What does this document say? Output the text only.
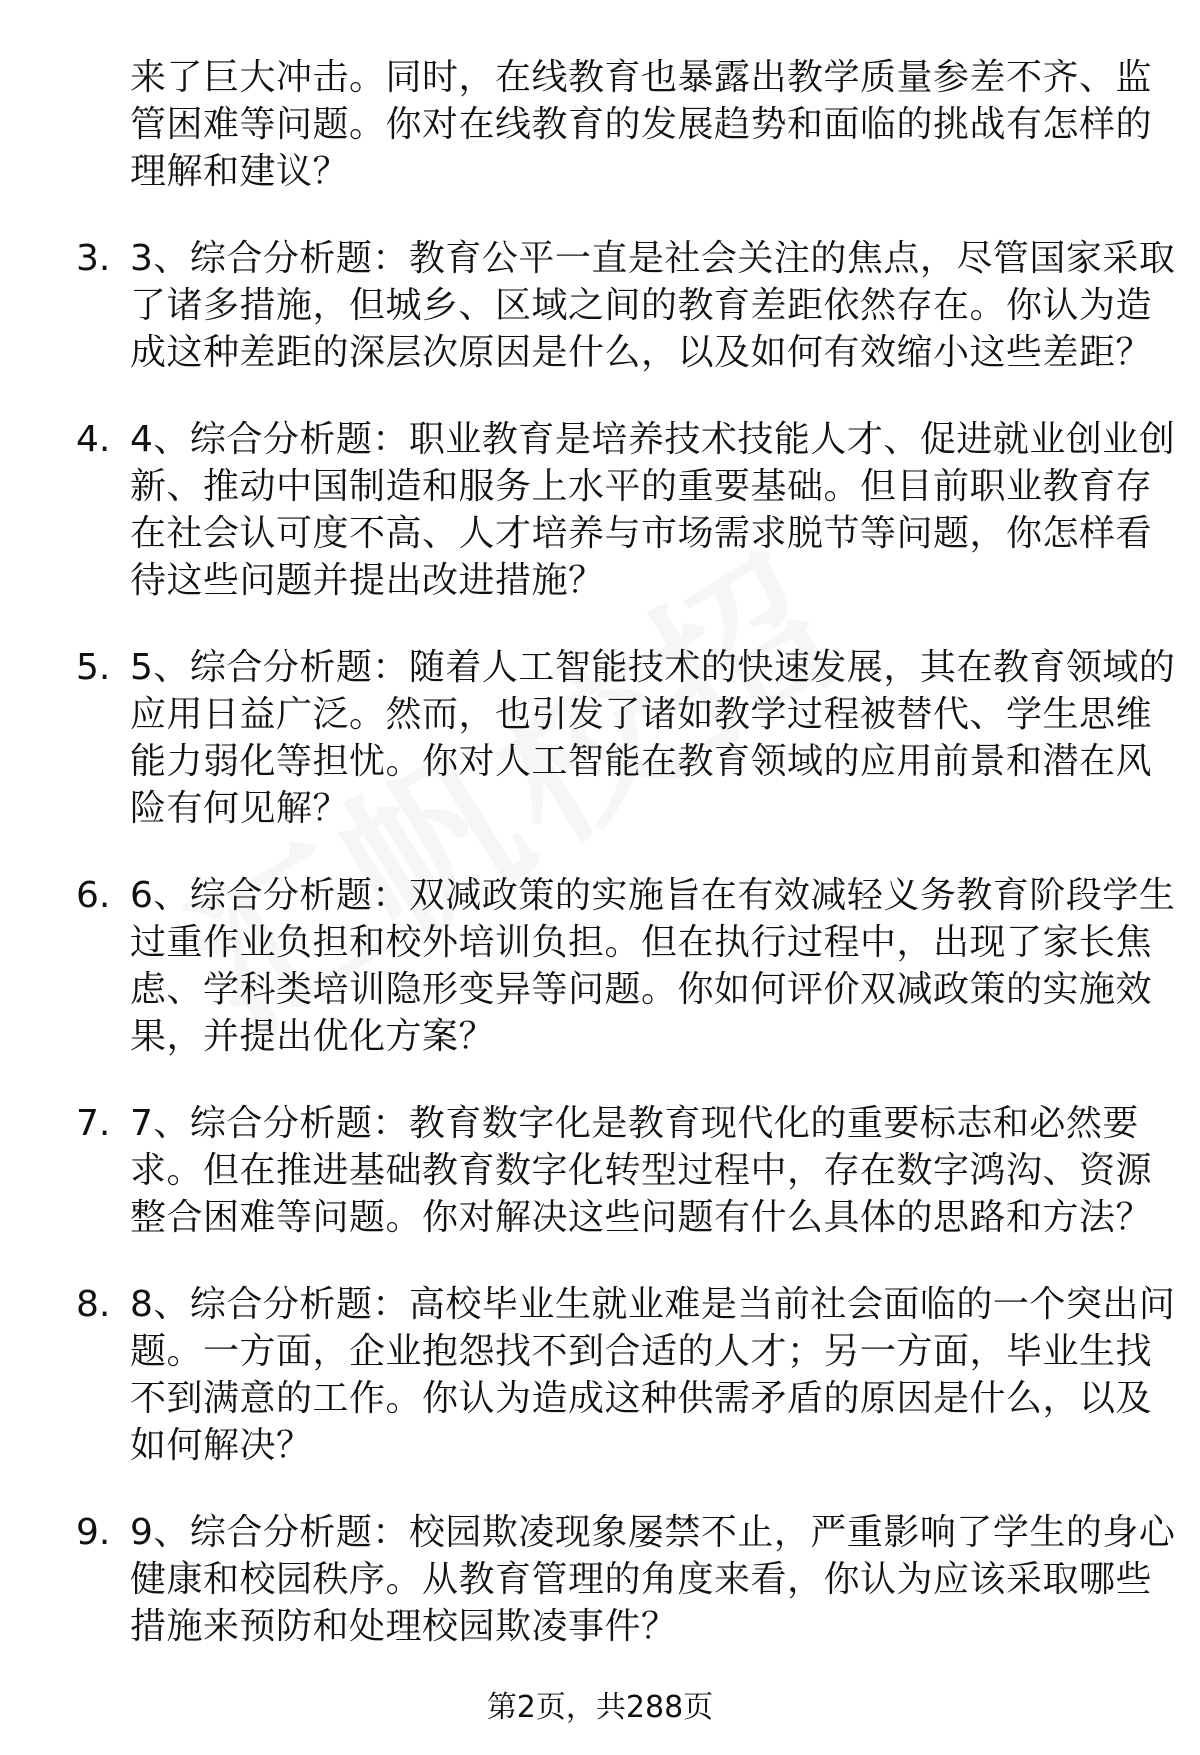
来了巨大冲击。同时，在线教育也暴露出教学质量参差不齐、监
管困难等问题。你对在线教育的发展趋势和面临的挑战有怎样的
理解和建议？
3. 3、综合分析题：教育公平一直是社会关注的焦点，尽管国家采取
了诸多措施，但城乡、区域之间的教育差距依然存在。你认为造
成这种差距的深层次原因是什么，以及如何有效缩小这些差距？
4. 4、综合分析题：职业教育是培养技术技能人才、促进就业创业创
新、推动中国制造和服务上水平的重要基础。但目前职业教育存
在社会认可度不高、人才培养与市场需求脱节等问题，你怎样看
待这些问题并提出改进措施？
5. 5、综合分析题：随着人工智能技术的快速发展，其在教育领域的
应用日益广泛。然而，也引发了诸如教学过程被替代、学生思维
能力弱化等担忧。你对人工智能在教育领域的应用前景和潜在风
险有何见解？
6. 6、综合分析题：双减政策的实施旨在有效减轻义务教育阶段学生
过重作业负担和校外培训负担。但在执行过程中，出现了家长焦
虑、学科类培训隐形变异等问题。你如何评价双减政策的实施效
果，并提出优化方案？
7. 7、综合分析题：教育数字化是教育现代化的重要标志和必然要
求。但在推进基础教育数字化转型过程中，存在数字鸿沟、资源
整合困难等问题。你对解决这些问题有什么具体的思路和方法？
8. 8、综合分析题：高校毕业生就业难是当前社会面临的一个突出问
题。一方面，企业抱怨找不到合适的人才；另一方面，毕业生找
不到满意的工作。你认为造成这种供需矛盾的原因是什么，以及
如何解决？
9. 9、综合分析题：校园欺凌现象屡禁不止，严重影响了学生的身心
健康和校园秩序。从教育管理的角度来看，你认为应该采取哪些
措施来预防和处理校园欺凌事件？
第2页，共288页
